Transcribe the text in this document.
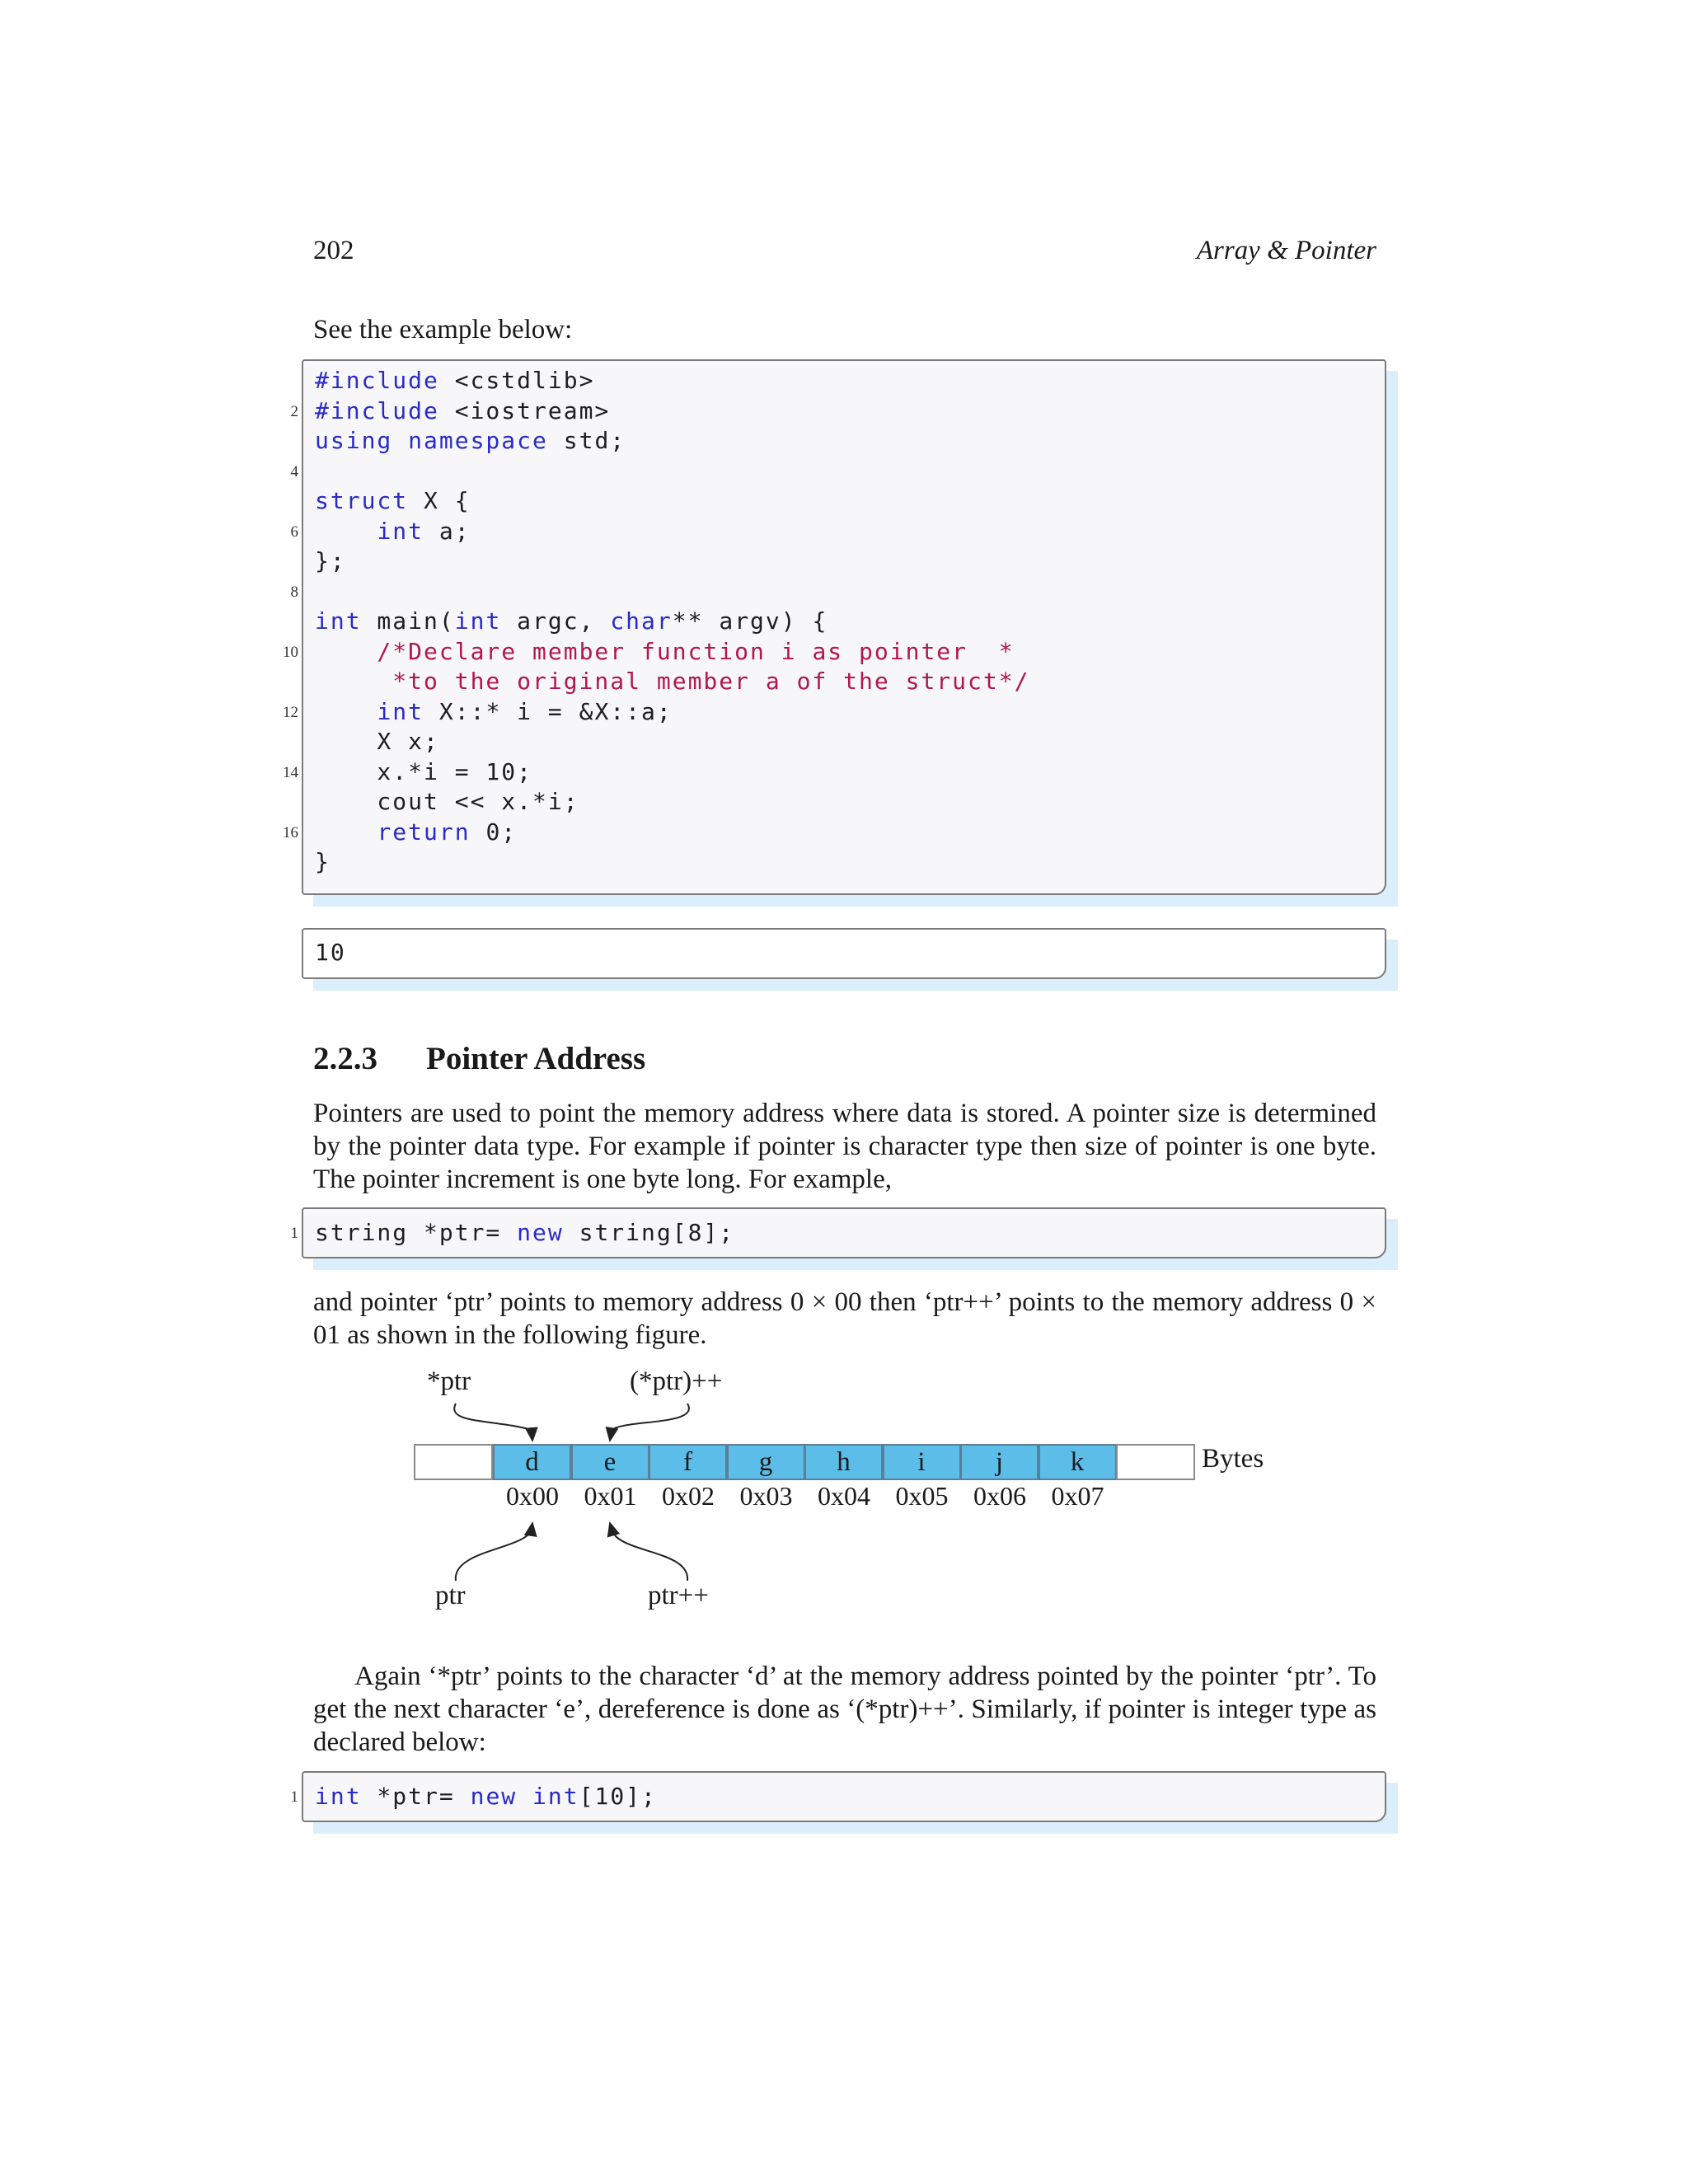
202	Array & Pointer
See the example below:
#include <cstdlib>
2 #include <iostream>
using namespace std;
4
struct X {
6	int a;
};
8
int main(int argc, char** argv) {
10 /*Declare member function i as pointer  *
*to the original member a of the struct*/
12	int X::* i = &X::a;
X x;
14 x.*i = 10;
cout << x.*i;
16	return 0;
}
10
2.2.3 Pointer Address

Pointers are used to point the memory address where data is stored. A pointer size is determined by the pointer data type. For example if pointer is character type then size of pointer is one byte. The pointer increment is one byte long. For example,

1 string *ptr= new string[8];

and pointer ‘ptr’ points to memory address 0 × 00 then ‘ptr++’ points to the memory address 0 × 01 as shown in the following figure.

*ptr	(*ptr)++
d	e	f	g	h	i	j	k	Bytes
0x00 0x01 0x02 0x03 0x04 0x05 0x06 0x07
ptr	ptr++

Again ‘*ptr’ points to the character ‘d’ at the memory address pointed by the pointer ‘ptr’. To get the next character ‘e’, dereference is done as ‘(*ptr)++’. Similarly, if pointer is integer type as declared below:

1 int *ptr= new int[10];
